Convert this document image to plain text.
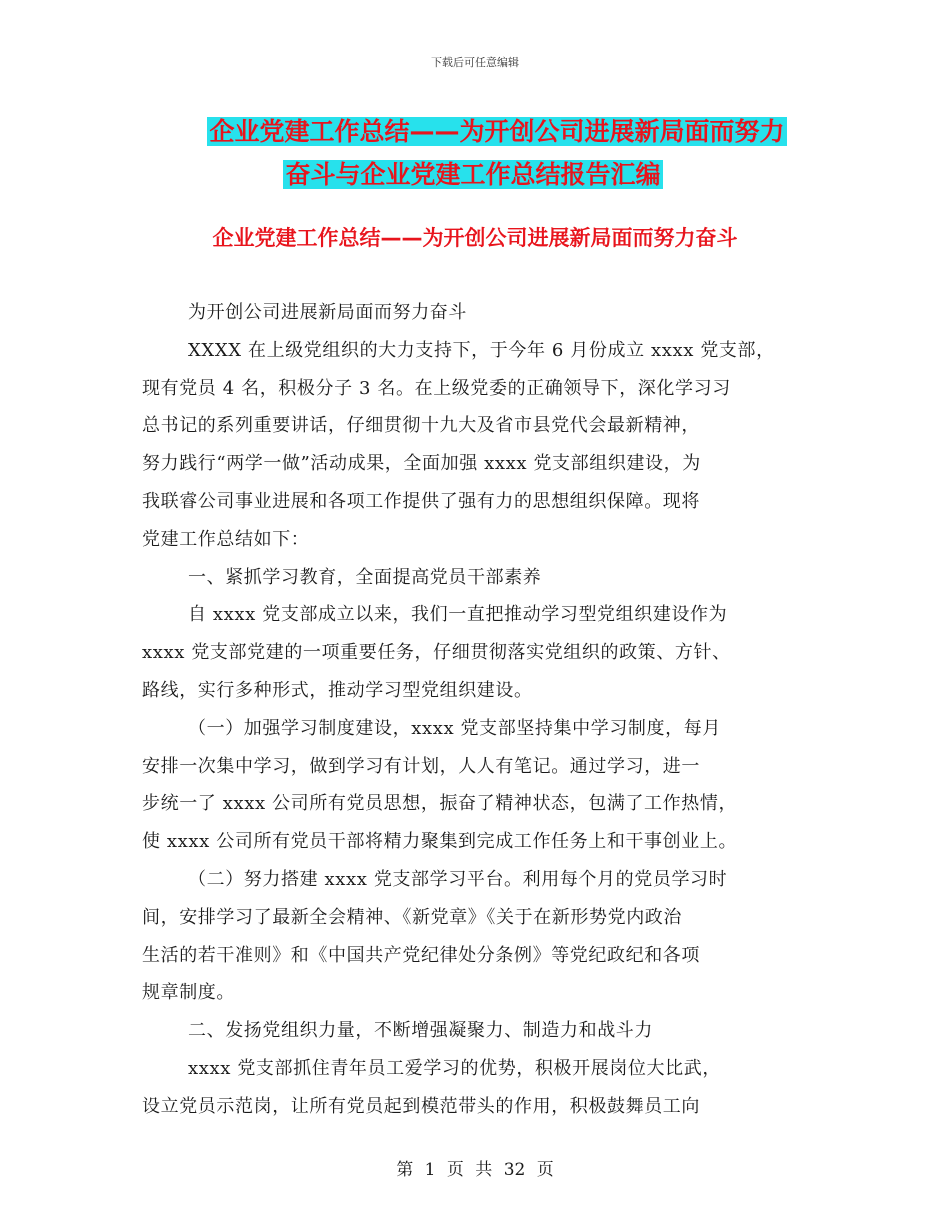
下载后可任意编辑
企业党建工作总结——为开创公司进展新局面而努力
奋斗与企业党建工作总结报告汇编
企业党建工作总结——为开创公司进展新局面而努力奋斗
为开创公司进展新局面而努力奋斗
XXXX 在上级党组织的大力支持下，于今年 6 月份成立 xxxx 党支部，
现有党员 4 名，积极分子 3 名。在上级党委的正确领导下，深化学习习
总书记的系列重要讲话，仔细贯彻十九大及省市县党代会最新精神，
努力践行“两学一做”活动成果，全面加强 xxxx 党支部组织建设，为
我联睿公司事业进展和各项工作提供了强有力的思想组织保障。现将
党建工作总结如下：
一、紧抓学习教育，全面提高党员干部素养
自 xxxx 党支部成立以来，我们一直把推动学习型党组织建设作为
xxxx 党支部党建的一项重要任务，仔细贯彻落实党组织的政策、方针、
路线，实行多种形式，推动学习型党组织建设。
（一）加强学习制度建设，xxxx 党支部坚持集中学习制度，每月
安排一次集中学习，做到学习有计划，人人有笔记。通过学习，进一
步统一了 xxxx 公司所有党员思想，振奋了精神状态，包满了工作热情，
使 xxxx 公司所有党员干部将精力聚集到完成工作任务上和干事创业上。
（二）努力搭建 xxxx 党支部学习平台。利用每个月的党员学习时
间，安排学习了最新全会精神、《新党章》《关于在新形势党内政治
生活的若干准则》和《中国共产党纪律处分条例》等党纪政纪和各项
规章制度。
二、发扬党组织力量，不断增强凝聚力、制造力和战斗力
xxxx 党支部抓住青年员工爱学习的优势，积极开展岗位大比武，
设立党员示范岗，让所有党员起到模范带头的作用，积极鼓舞员工向
第 1 页 共 32 页
